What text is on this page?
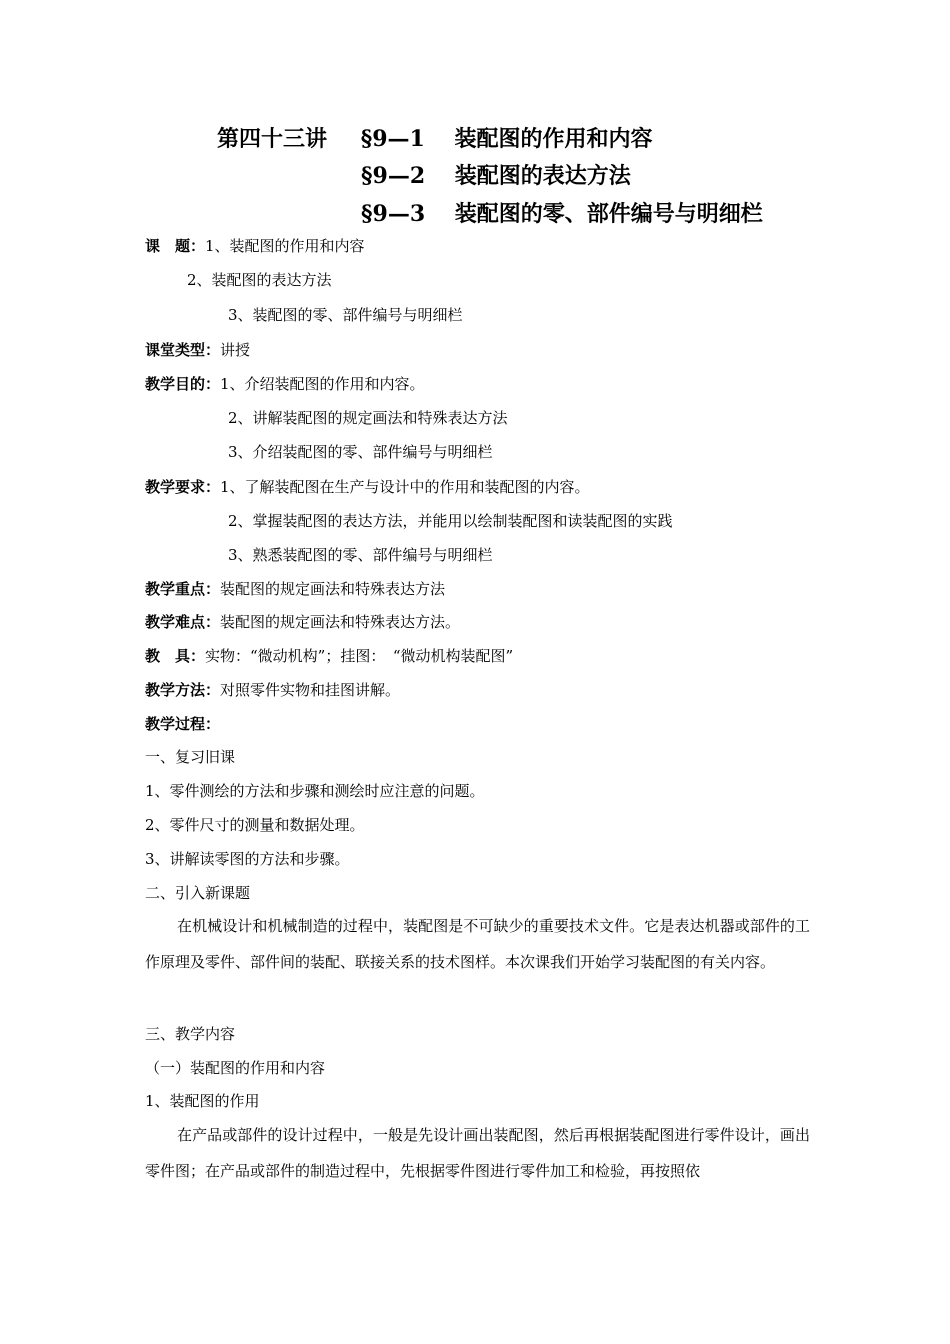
第四十三讲 §9—1 装配图的作用和内容
§9—2 装配图的表达方法
§9—3 装配图的零、部件编号与明细栏
课　题：1、装配图的作用和内容
2、装配图的表达方法
3、装配图的零、部件编号与明细栏
课堂类型：讲授
教学目的：1、介绍装配图的作用和内容。
2、讲解装配图的规定画法和特殊表达方法
3、介绍装配图的零、部件编号与明细栏
教学要求：1、了解装配图在生产与设计中的作用和装配图的内容。
2、掌握装配图的表达方法，并能用以绘制装配图和读装配图的实践
3、熟悉装配图的零、部件编号与明细栏
教学重点：装配图的规定画法和特殊表达方法
教学难点：装配图的规定画法和特殊表达方法。
教　具：实物：“微动机构”；挂图：　“微动机构装配图”
教学方法：对照零件实物和挂图讲解。
教学过程：
一、复习旧课
1、零件测绘的方法和步骤和测绘时应注意的问题。
2、零件尺寸的测量和数据处理。
3、讲解读零图的方法和步骤。
二、引入新课题
在机械设计和机械制造的过程中，装配图是不可缺少的重要技术文件。它是表达机器或部件的工作原理及零件、部件间的装配、联接关系的技术图样。本次课我们开始学习装配图的有关内容。
三、教学内容
（一）装配图的作用和内容
1、装配图的作用
在产品或部件的设计过程中，一般是先设计画出装配图，然后再根据装配图进行零件设计，画出零件图；在产品或部件的制造过程中，先根据零件图进行零件加工和检验，再按照依
